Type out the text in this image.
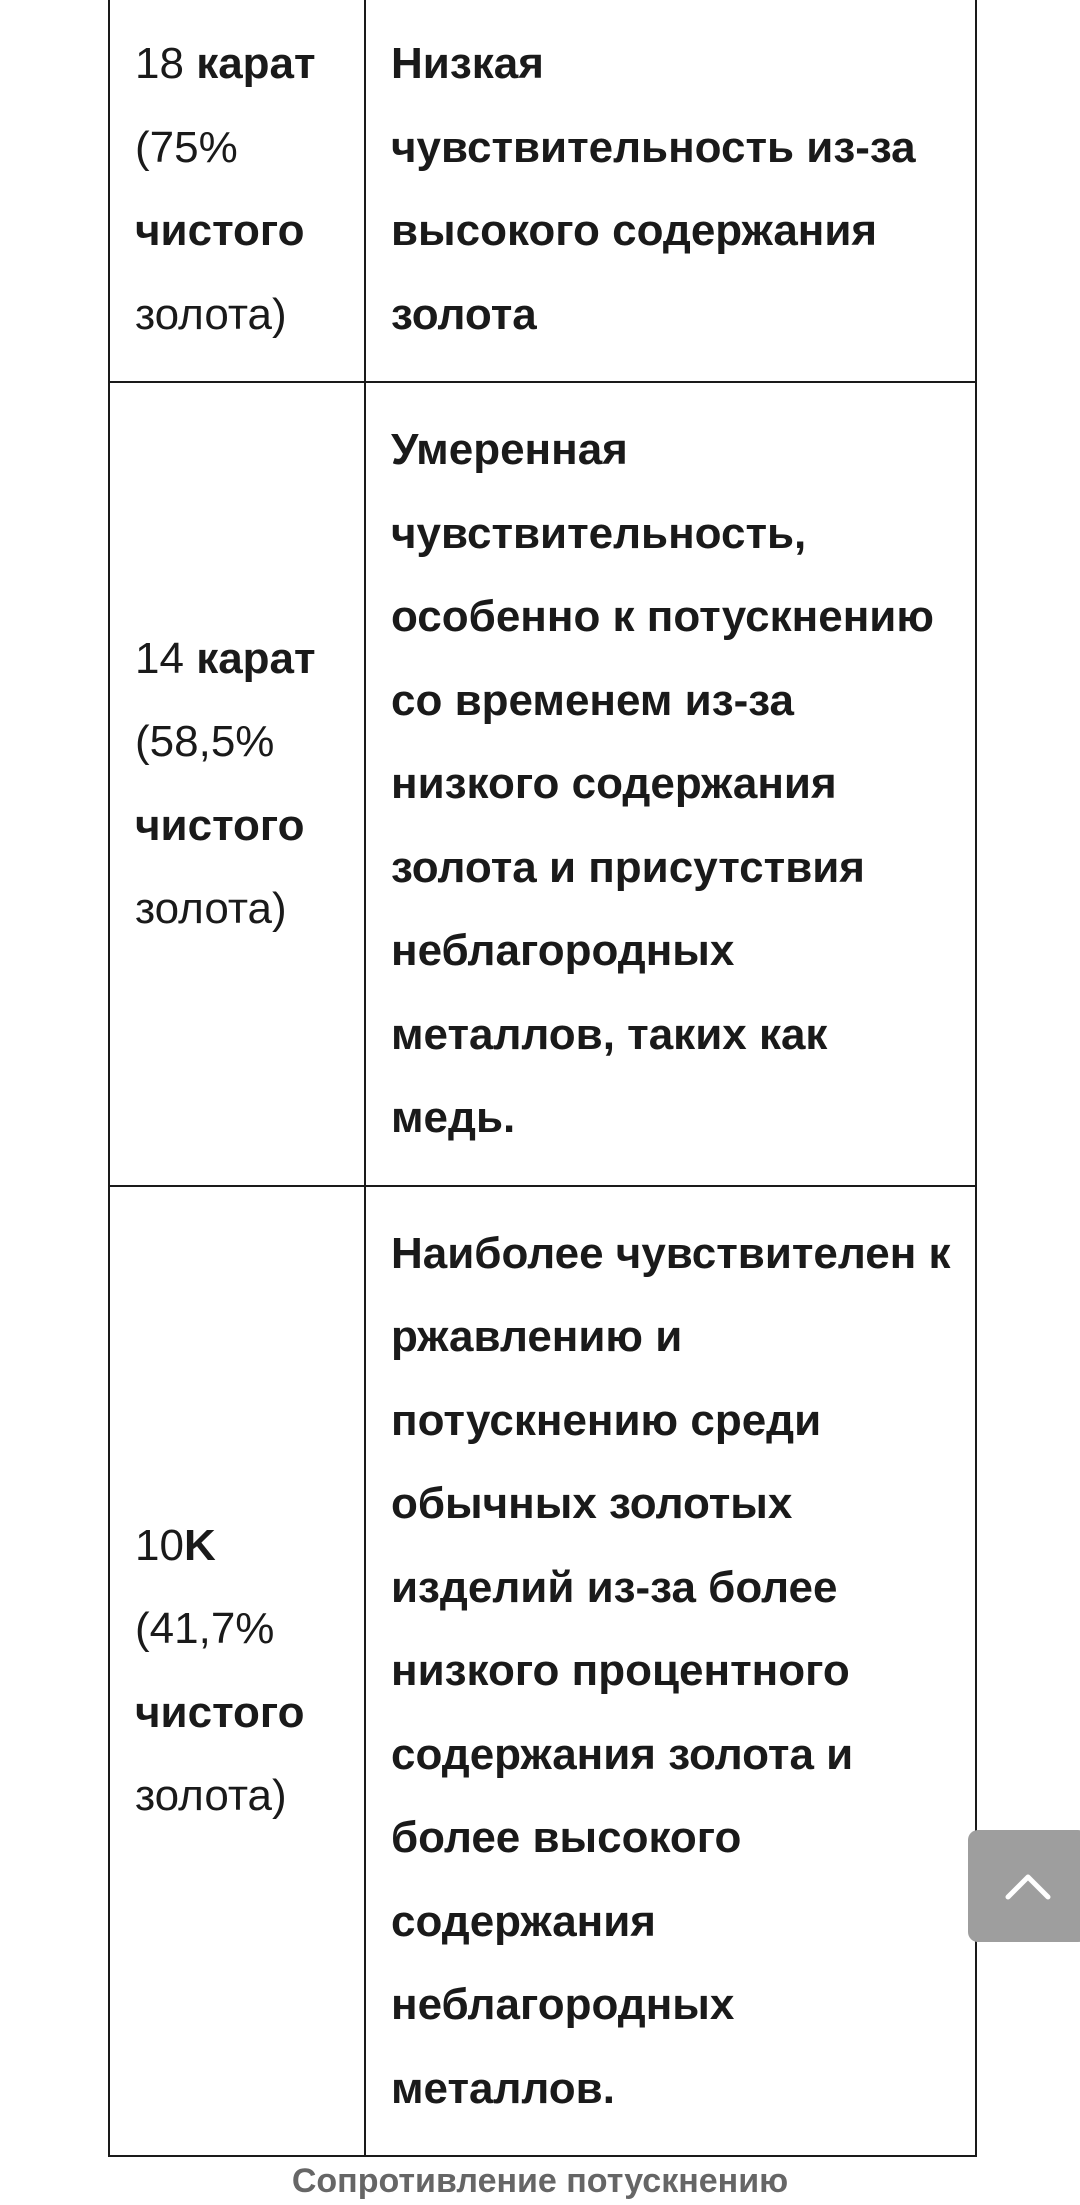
18 карат
(75%
чистого
золота)	Низкая чувствительность из-за высокого содержания золота
14 карат
(58,5%
чистого
золота)	Умеренная чувствительность, особенно к потускнению со временем из-за низкого содержания золота и присутствия неблагородных металлов, таких как медь.
10K
(41,7%
чистого
золота)	Наиболее чувствителен к ржавлению и потускнению среди обычных золотых изделий из-за более низкого процентного содержания золота и более высокого содержания неблагородных металлов.
Сопротивление потускнению
